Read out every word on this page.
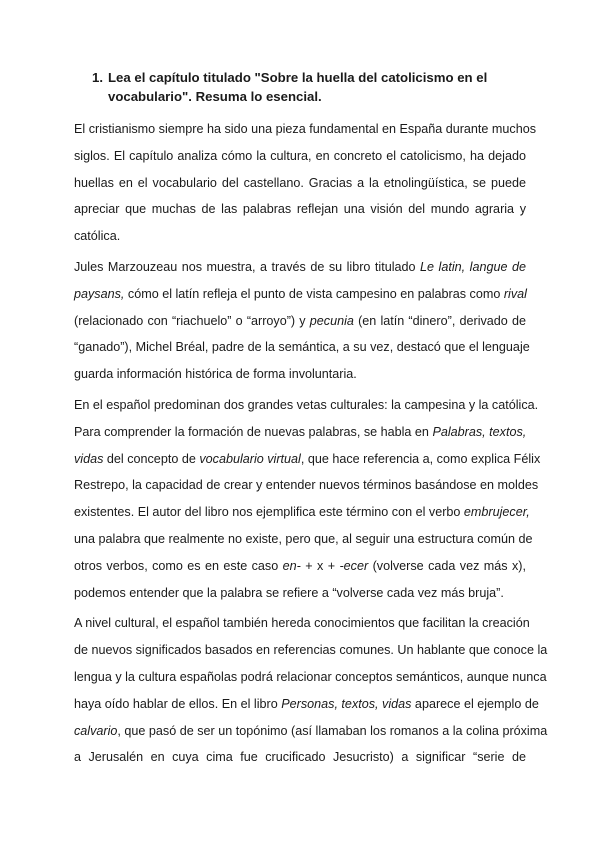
1. Lea el capítulo titulado "Sobre la huella del catolicismo en el
vocabulario". Resuma lo esencial.

El cristianismo siempre ha sido una pieza fundamental en España durante muchos
siglos. El capítulo analiza cómo la cultura, en concreto el catolicismo, ha dejado
huellas en el vocabulario del castellano. Gracias a la etnolingüística, se puede
apreciar que muchas de las palabras reflejan una visión del mundo agraria y
católica.

Jules Marzouzeau nos muestra, a través de su libro titulado Le latin, langue de
paysans, cómo el latín refleja el punto de vista campesino en palabras como rival
(relacionado con “riachuelo” o “arroyo”) y pecunia (en latín “dinero”, derivado de
“ganado”), Michel Bréal, padre de la semántica, a su vez, destacó que el lenguaje
guarda información histórica de forma involuntaria.

En el español predominan dos grandes vetas culturales: la campesina y la católica.
Para comprender la formación de nuevas palabras, se habla en Palabras, textos,
vidas del concepto de vocabulario virtual, que hace referencia a, como explica Félix
Restrepo, la capacidad de crear y entender nuevos términos basándose en moldes
existentes. El autor del libro nos ejemplifica este término con el verbo embrujecer,
una palabra que realmente no existe, pero que, al seguir una estructura común de
otros verbos, como es en este caso en- + x + -ecer (volverse cada vez más x),
podemos entender que la palabra se refiere a “volverse cada vez más bruja”.

A nivel cultural, el español también hereda conocimientos que facilitan la creación
de nuevos significados basados en referencias comunes. Un hablante que conoce la
lengua y la cultura españolas podrá relacionar conceptos semánticos, aunque nunca
haya oído hablar de ellos. En el libro Personas, textos, vidas aparece el ejemplo de
calvario, que pasó de ser un topónimo (así llamaban los romanos a la colina próxima
a Jerusalén en cuya cima fue crucificado Jesucristo) a significar “serie de
